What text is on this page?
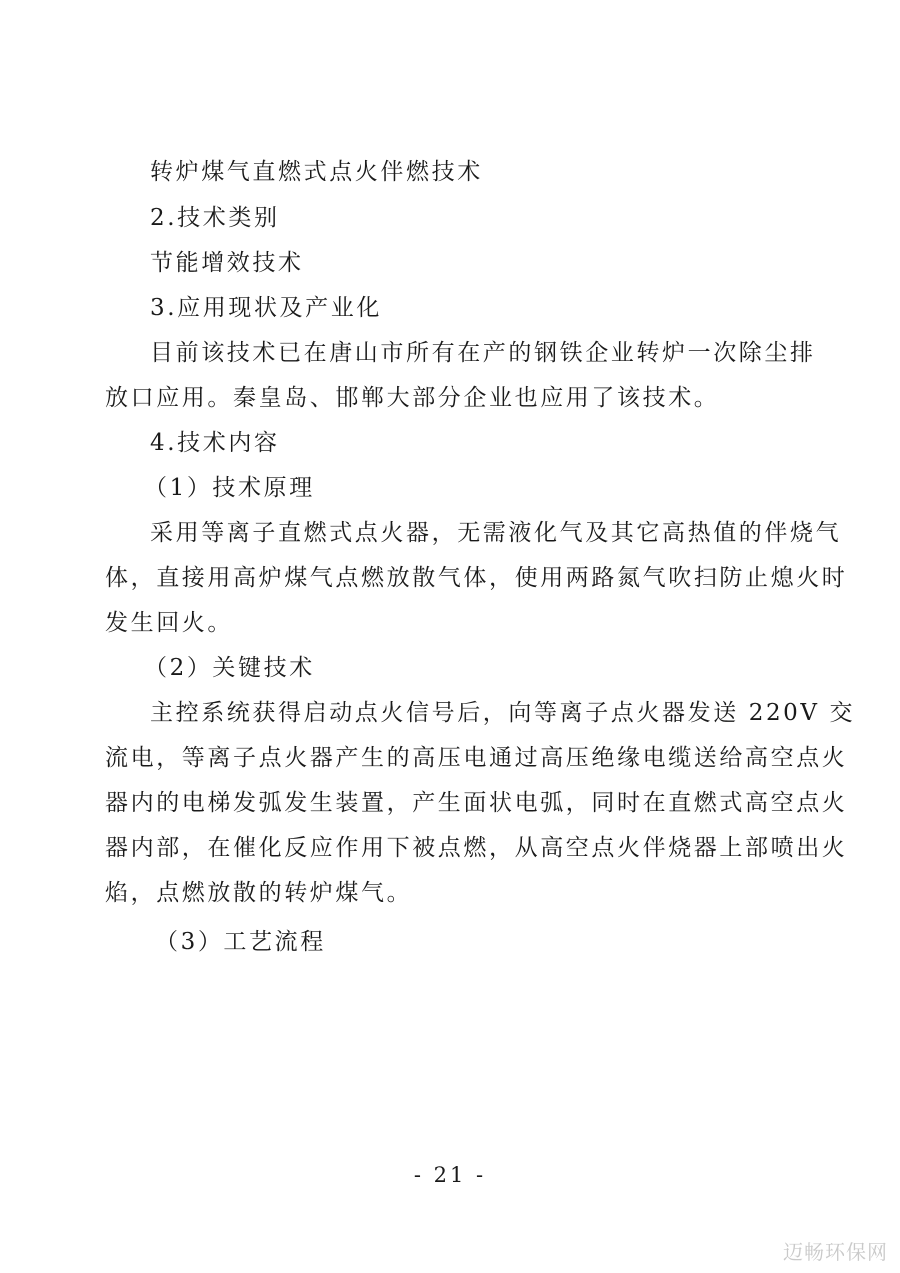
转炉煤气直燃式点火伴燃技术
2.技术类别
节能增效技术
3.应用现状及产业化
目前该技术已在唐山市所有在产的钢铁企业转炉一次除尘排
放口应用。秦皇岛、邯郸大部分企业也应用了该技术。
4.技术内容
（1）技术原理
采用等离子直燃式点火器，无需液化气及其它高热值的伴烧气
体，直接用高炉煤气点燃放散气体，使用两路氮气吹扫防止熄火时
发生回火。
（2）关键技术
主控系统获得启动点火信号后，向等离子点火器发送 220V 交
流电，等离子点火器产生的高压电通过高压绝缘电缆送给高空点火
器内的电梯发弧发生装置，产生面状电弧，同时在直燃式高空点火
器内部，在催化反应作用下被点燃，从高空点火伴烧器上部喷出火
焰，点燃放散的转炉煤气。
（3）工艺流程
- 21 -
迈畅环保网
